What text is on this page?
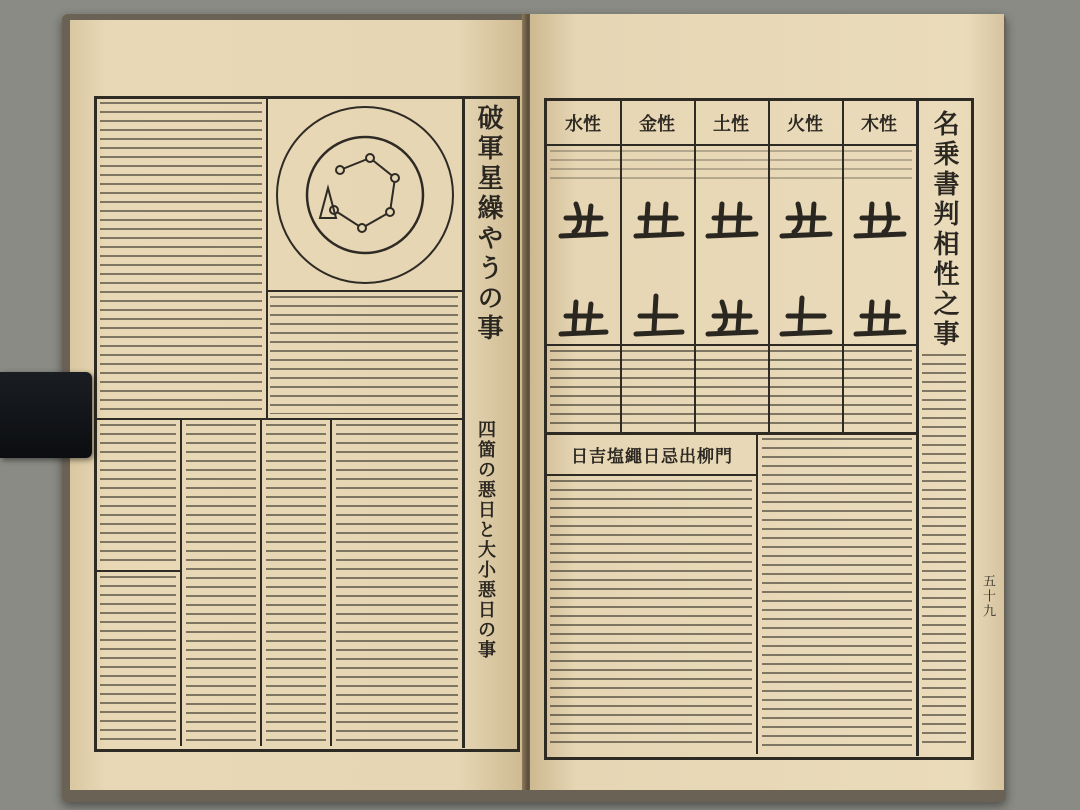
破軍星繰やうの事
四箇の悪日と大小悪日の事
水性	金性	土性	火性	木性	名乗書判相性之事
五十九
日吉塩繩日忌出柳門
